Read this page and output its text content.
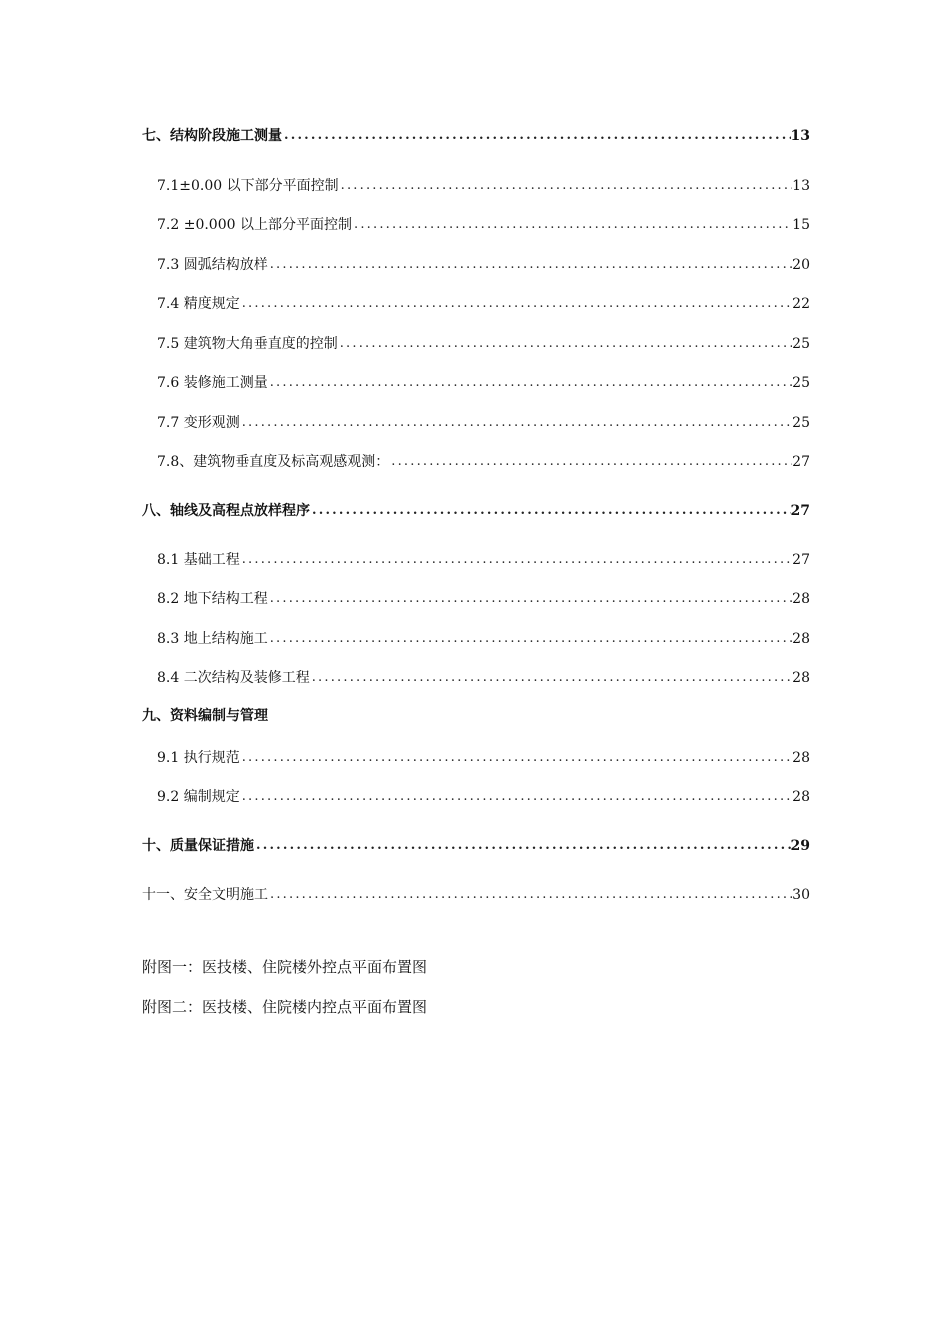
七、结构阶段施工测量 .....	13
7.1±0.00 以下部分平面控制 .....	13
7.2 ±0.000 以上部分平面控制 .....	15
7.3 圆弧结构放样 .....	20
7.4 精度规定 .....	22
7.5 建筑物大角垂直度的控制 .....	25
7.6 装修施工测量 .....	25
7.7 变形观测 .....	25
7.8、建筑物垂直度及标高观感观测： .....	27
八、轴线及高程点放样程序 .....	27
8.1 基础工程 .....	27
8.2 地下结构工程 .....	28
8.3 地上结构施工 .....	28
8.4 二次结构及装修工程 .....	28
九、资料编制与管理
9.1 执行规范 .....	28
9.2 编制规定 .....	28
十、质量保证措施 .....	29
十一、安全文明施工 .....	30
附图一：医技楼、住院楼外控点平面布置图
附图二：医技楼、住院楼内控点平面布置图
